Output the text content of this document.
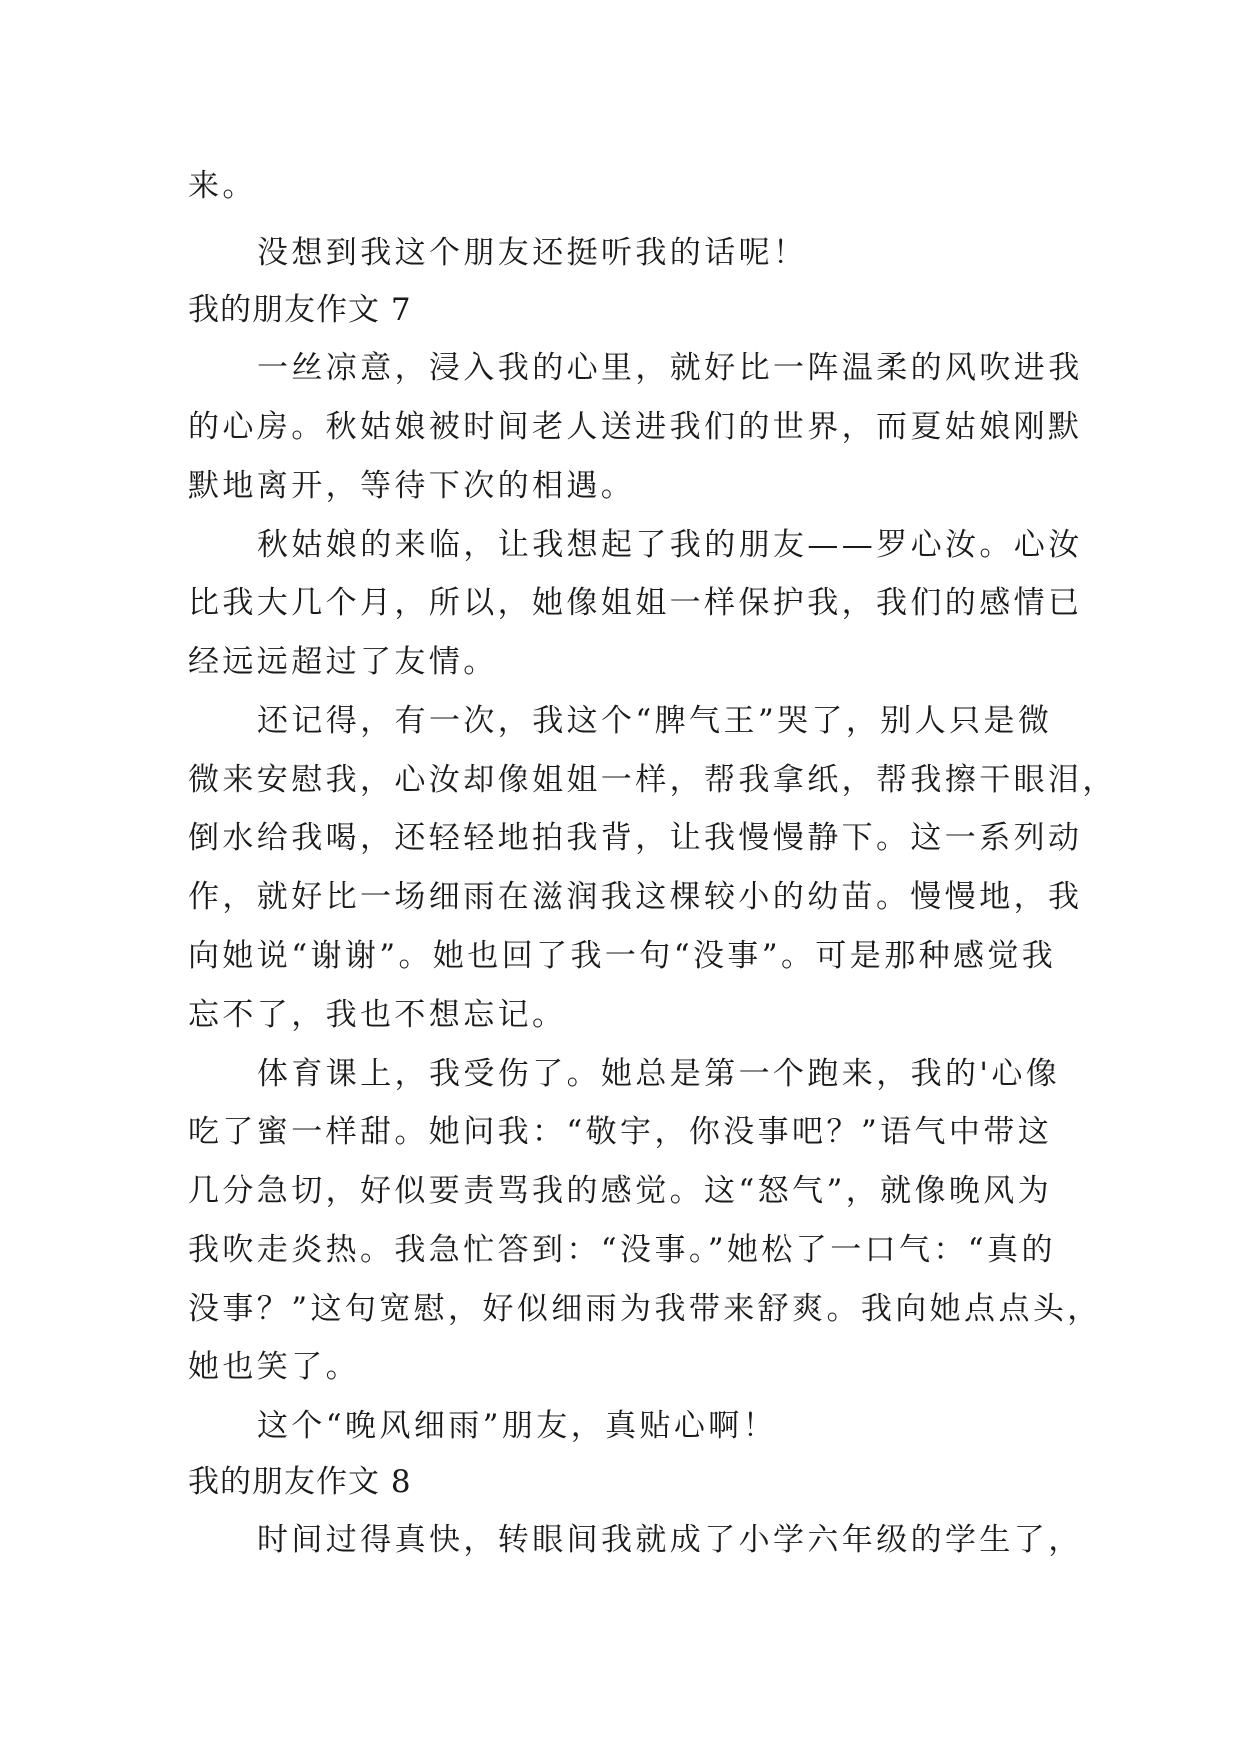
来。
没想到我这个朋友还挺听我的话呢！
我的朋友作文 7
一丝凉意，浸入我的心里，就好比一阵温柔的风吹进我
的心房。秋姑娘被时间老人送进我们的世界，而夏姑娘刚默
默地离开，等待下次的相遇。
秋姑娘的来临，让我想起了我的朋友——罗心汝。心汝
比我大几个月，所以，她像姐姐一样保护我，我们的感情已
经远远超过了友情。
还记得，有一次，我这个“脾气王”哭了，别人只是微
微来安慰我，心汝却像姐姐一样，帮我拿纸，帮我擦干眼泪，
倒水给我喝，还轻轻地拍我背，让我慢慢静下。这一系列动
作，就好比一场细雨在滋润我这棵较小的幼苗。慢慢地，我
向她说“谢谢”。她也回了我一句“没事”。可是那种感觉我
忘不了，我也不想忘记。
体育课上，我受伤了。她总是第一个跑来，我的'心像
吃了蜜一样甜。她问我：“敬宇，你没事吧？”语气中带这
几分急切，好似要责骂我的感觉。这“怒气”，就像晚风为
我吹走炎热。我急忙答到：“没事。”她松了一口气：“真的
没事？”这句宽慰，好似细雨为我带来舒爽。我向她点点头，
她也笑了。
这个“晚风细雨”朋友，真贴心啊！
我的朋友作文 8
时间过得真快，转眼间我就成了小学六年级的学生了，
